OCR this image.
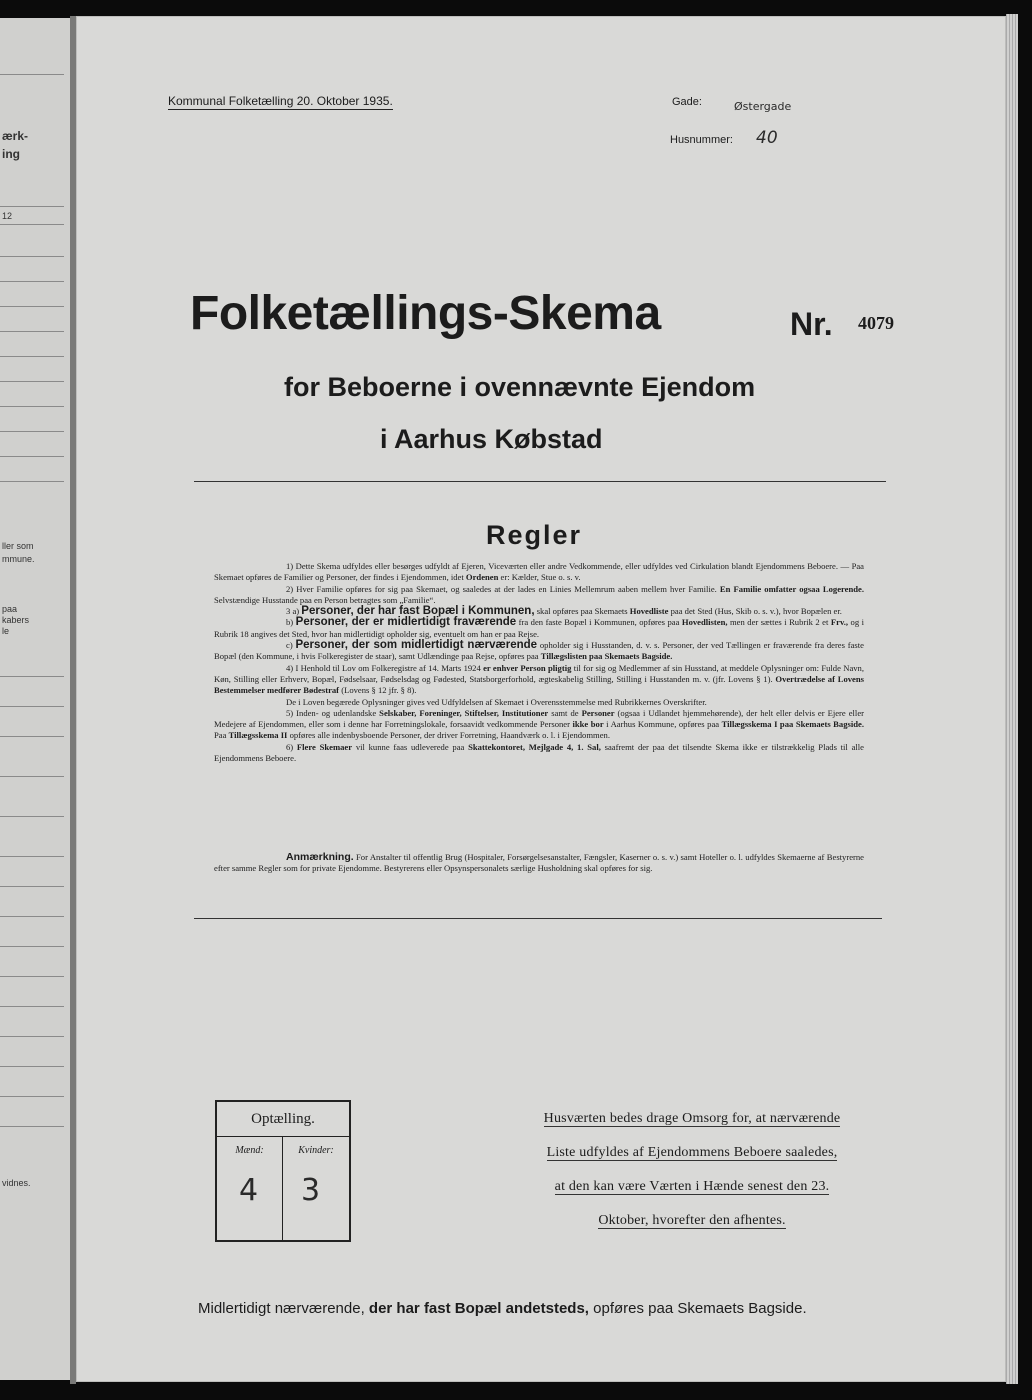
ærk-
ing
12
ller som
mmune.
paa
kabers
le
vidnes.
Kommunal Folketælling 20. Oktober 1935.	Gade:	Østergade
Husnummer: 40
Folketællings-Skema	Nr. 4079
for Beboerne i ovennævnte Ejendom
i Aarhus Købstad
Regler

1) Dette Skema udfyldes eller besørges udfyldt af Ejeren, Viceværten eller andre Vedkommende, eller udfyldes ved Cirkulation blandt Ejendommens Beboere. — Paa Skemaet opføres de Familier og Personer, der findes i Ejendommen, idet Ordenen er: Kælder, Stue o. s. v.

2) Hver Familie opføres for sig paa Skemaet, og saaledes at der lades en Linies Mellemrum aaben mellem hver Familie. En Familie omfatter ogsaa Logerende. Selvstændige Husstande paa en Person betragtes som „Familie“.

3 a) Personer, der har fast Bopæl i Kommunen, skal opføres paa Skemaets Hovedliste paa det Sted (Hus, Skib o. s. v.), hvor Bopælen er.

b) Personer, der er midlertidigt fraværende fra den faste Bopæl i Kommunen, opføres paa Hovedlisten, men der sættes i Rubrik 2 et Frv., og i Rubrik 18 angives det Sted, hvor han midlertidigt opholder sig, eventuelt om han er paa Rejse.

c) Personer, der som midlertidigt nærværende opholder sig i Husstanden, d. v. s. Personer, der ved Tællingen er fraværende fra deres faste Bopæl (den Kommune, i hvis Folkeregister de staar), samt Udlændinge paa Rejse, opføres paa Tillægslisten paa Skemaets Bagside.

4) I Henhold til Lov om Folkeregistre af 14. Marts 1924 er enhver Person pligtig til for sig og Medlemmer af sin Husstand, at meddele Oplysninger om: Fulde Navn, Køn, Stilling eller Erhverv, Bopæl, Fødselsaar, Fødselsdag og Fødested, Statsborgerforhold, ægteskabelig Stilling, Stilling i Husstanden m. v. (jfr. Lovens § 1). Overtrædelse af Lovens Bestemmelser medfører Bødestraf (Lovens § 12 jfr. § 8).

De i Loven begærede Oplysninger gives ved Udfyldelsen af Skemaet i Overensstemmelse med Rubrikkernes Overskrifter.

5) Inden- og udenlandske Selskaber, Foreninger, Stiftelser, Institutioner samt de Personer (ogsaa i Udlandet hjemmehørende), der helt eller delvis er Ejere eller Medejere af Ejendommen, eller som i denne har Forretningslokale, forsaavidt vedkommende Personer ikke bor i Aarhus Kommune, opføres paa Tillægsskema I paa Skemaets Bagside. Paa Tillægsskema II opføres alle indenbysboende Personer, der driver Forretning, Haandværk o. l. i Ejendommen.

6) Flere Skemaer vil kunne faas udleverede paa Skattekontoret, Mejlgade 4, 1. Sal, saafremt der paa det tilsendte Skema ikke er tilstrækkelig Plads til alle Ejendommens Beboere.

Anmærkning. For Anstalter til offentlig Brug (Hospitaler, Forsørgelsesanstalter, Fængsler, Kaserner o. s. v.) samt Hoteller o. l. udfyldes Skemaerne af Bestyrerne efter samme Regler som for private Ejendomme. Bestyrerens eller Opsynspersonalets særlige Husholdning skal opføres for sig.

Optælling.
Mænd:
4
Kvinder:
3

Husværten bedes drage Omsorg for, at nærværende

Liste udfyldes af Ejendommens Beboere saaledes,

at den kan være Værten i Hænde senest den 23.

Oktober, hvorefter den afhentes.

Midlertidigt nærværende, der har fast Bopæl andetsteds, opføres paa Skemaets Bagside.
